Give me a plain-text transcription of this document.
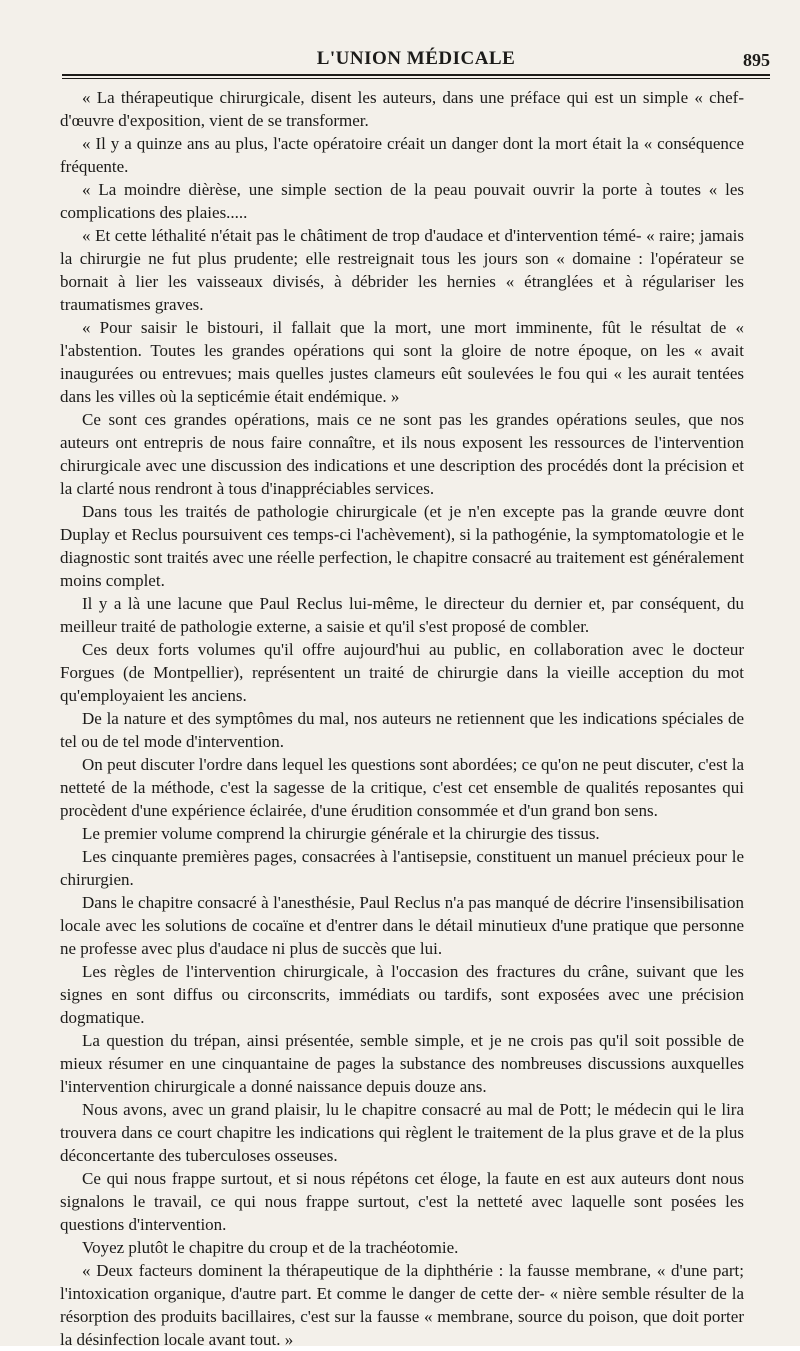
L'UNION MÉDICALE	895

« La thérapeutique chirurgicale, disent les auteurs, dans une préface qui est un simple « chef-d'œuvre d'exposition, vient de se transformer.

« Il y a quinze ans au plus, l'acte opératoire créait un danger dont la mort était la « conséquence fréquente.

« La moindre dièrèse, une simple section de la peau pouvait ouvrir la porte à toutes « les complications des plaies.....

« Et cette léthalité n'était pas le châtiment de trop d'audace et d'intervention témé- « raire; jamais la chirurgie ne fut plus prudente; elle restreignait tous les jours son « domaine : l'opérateur se bornait à lier les vaisseaux divisés, à débrider les hernies « étranglées et à régulariser les traumatismes graves.

« Pour saisir le bistouri, il fallait que la mort, une mort imminente, fût le résultat de « l'abstention. Toutes les grandes opérations qui sont la gloire de notre époque, on les « avait inaugurées ou entrevues; mais quelles justes clameurs eût soulevées le fou qui « les aurait tentées dans les villes où la septicémie était endémique. »

Ce sont ces grandes opérations, mais ce ne sont pas les grandes opérations seules, que nos auteurs ont entrepris de nous faire connaître, et ils nous exposent les ressources de l'intervention chirurgicale avec une discussion des indications et une description des procédés dont la précision et la clarté nous rendront à tous d'inappréciables services.

Dans tous les traités de pathologie chirurgicale (et je n'en excepte pas la grande œuvre dont Duplay et Reclus poursuivent ces temps-ci l'achèvement), si la pathogénie, la symptomatologie et le diagnostic sont traités avec une réelle perfection, le chapitre consacré au traitement est généralement moins complet.

Il y a là une lacune que Paul Reclus lui-même, le directeur du dernier et, par conséquent, du meilleur traité de pathologie externe, a saisie et qu'il s'est proposé de combler.

Ces deux forts volumes qu'il offre aujourd'hui au public, en collaboration avec le docteur Forgues (de Montpellier), représentent un traité de chirurgie dans la vieille acception du mot qu'employaient les anciens.

De la nature et des symptômes du mal, nos auteurs ne retiennent que les indications spéciales de tel ou de tel mode d'intervention.

On peut discuter l'ordre dans lequel les questions sont abordées; ce qu'on ne peut discuter, c'est la netteté de la méthode, c'est la sagesse de la critique, c'est cet ensemble de qualités reposantes qui procèdent d'une expérience éclairée, d'une érudition consommée et d'un grand bon sens.

Le premier volume comprend la chirurgie générale et la chirurgie des tissus.

Les cinquante premières pages, consacrées à l'antisepsie, constituent un manuel précieux pour le chirurgien.

Dans le chapitre consacré à l'anesthésie, Paul Reclus n'a pas manqué de décrire l'insensibilisation locale avec les solutions de cocaïne et d'entrer dans le détail minutieux d'une pratique que personne ne professe avec plus d'audace ni plus de succès que lui.

Les règles de l'intervention chirurgicale, à l'occasion des fractures du crâne, suivant que les signes en sont diffus ou circonscrits, immédiats ou tardifs, sont exposées avec une précision dogmatique.

La question du trépan, ainsi présentée, semble simple, et je ne crois pas qu'il soit possible de mieux résumer en une cinquantaine de pages la substance des nombreuses discussions auxquelles l'intervention chirurgicale a donné naissance depuis douze ans.

Nous avons, avec un grand plaisir, lu le chapitre consacré au mal de Pott; le médecin qui le lira trouvera dans ce court chapitre les indications qui règlent le traitement de la plus grave et de la plus déconcertante des tuberculoses osseuses.

Ce qui nous frappe surtout, et si nous répétons cet éloge, la faute en est aux auteurs dont nous signalons le travail, ce qui nous frappe surtout, c'est la netteté avec laquelle sont posées les questions d'intervention.

Voyez plutôt le chapitre du croup et de la trachéotomie.

« Deux facteurs dominent la thérapeutique de la diphthérie : la fausse membrane, « d'une part; l'intoxication organique, d'autre part. Et comme le danger de cette der- « nière semble résulter de la résorption des produits bacillaires, c'est sur la fausse « membrane, source du poison, que doit porter la désinfection locale avant tout. »
